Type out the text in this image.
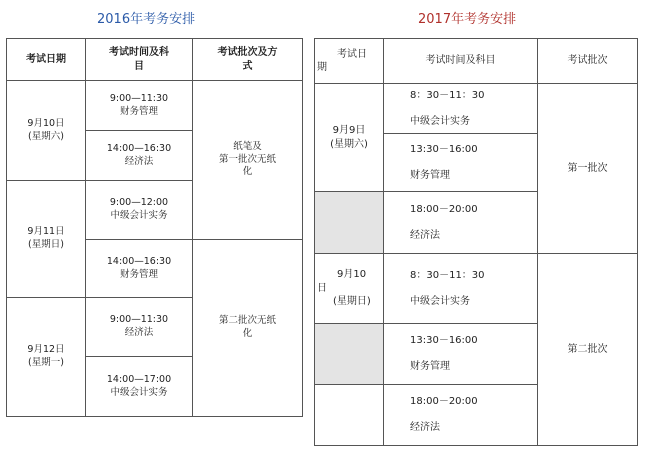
2016年考务安排	2017年考务安排
考试日期
考试时间及科
目
考试批次及方
式
9月10日
(星期六)
9月11日
(星期日)
9月12日
(星期一)
9:00—11:30
财务管理
14:00—16:30
经济法
9:00—12:00
中级会计实务
14:00—16:30
财务管理
9:00—11:30
经济法
14:00—17:00
中级会计实务
纸笔及
第一批次无纸
化
第二批次无纸
化
考试日
期
考试时间及科目	考试批次
9月9日
(星期六)
9月10
日
(星期日)
8：30－11：30
中级会计实务
13:30－16:00
财务管理
18:00－20:00
经济法
8：30－11：30
中级会计实务
13:30－16:00
财务管理
18:00－20:00
经济法
第一批次
第二批次
